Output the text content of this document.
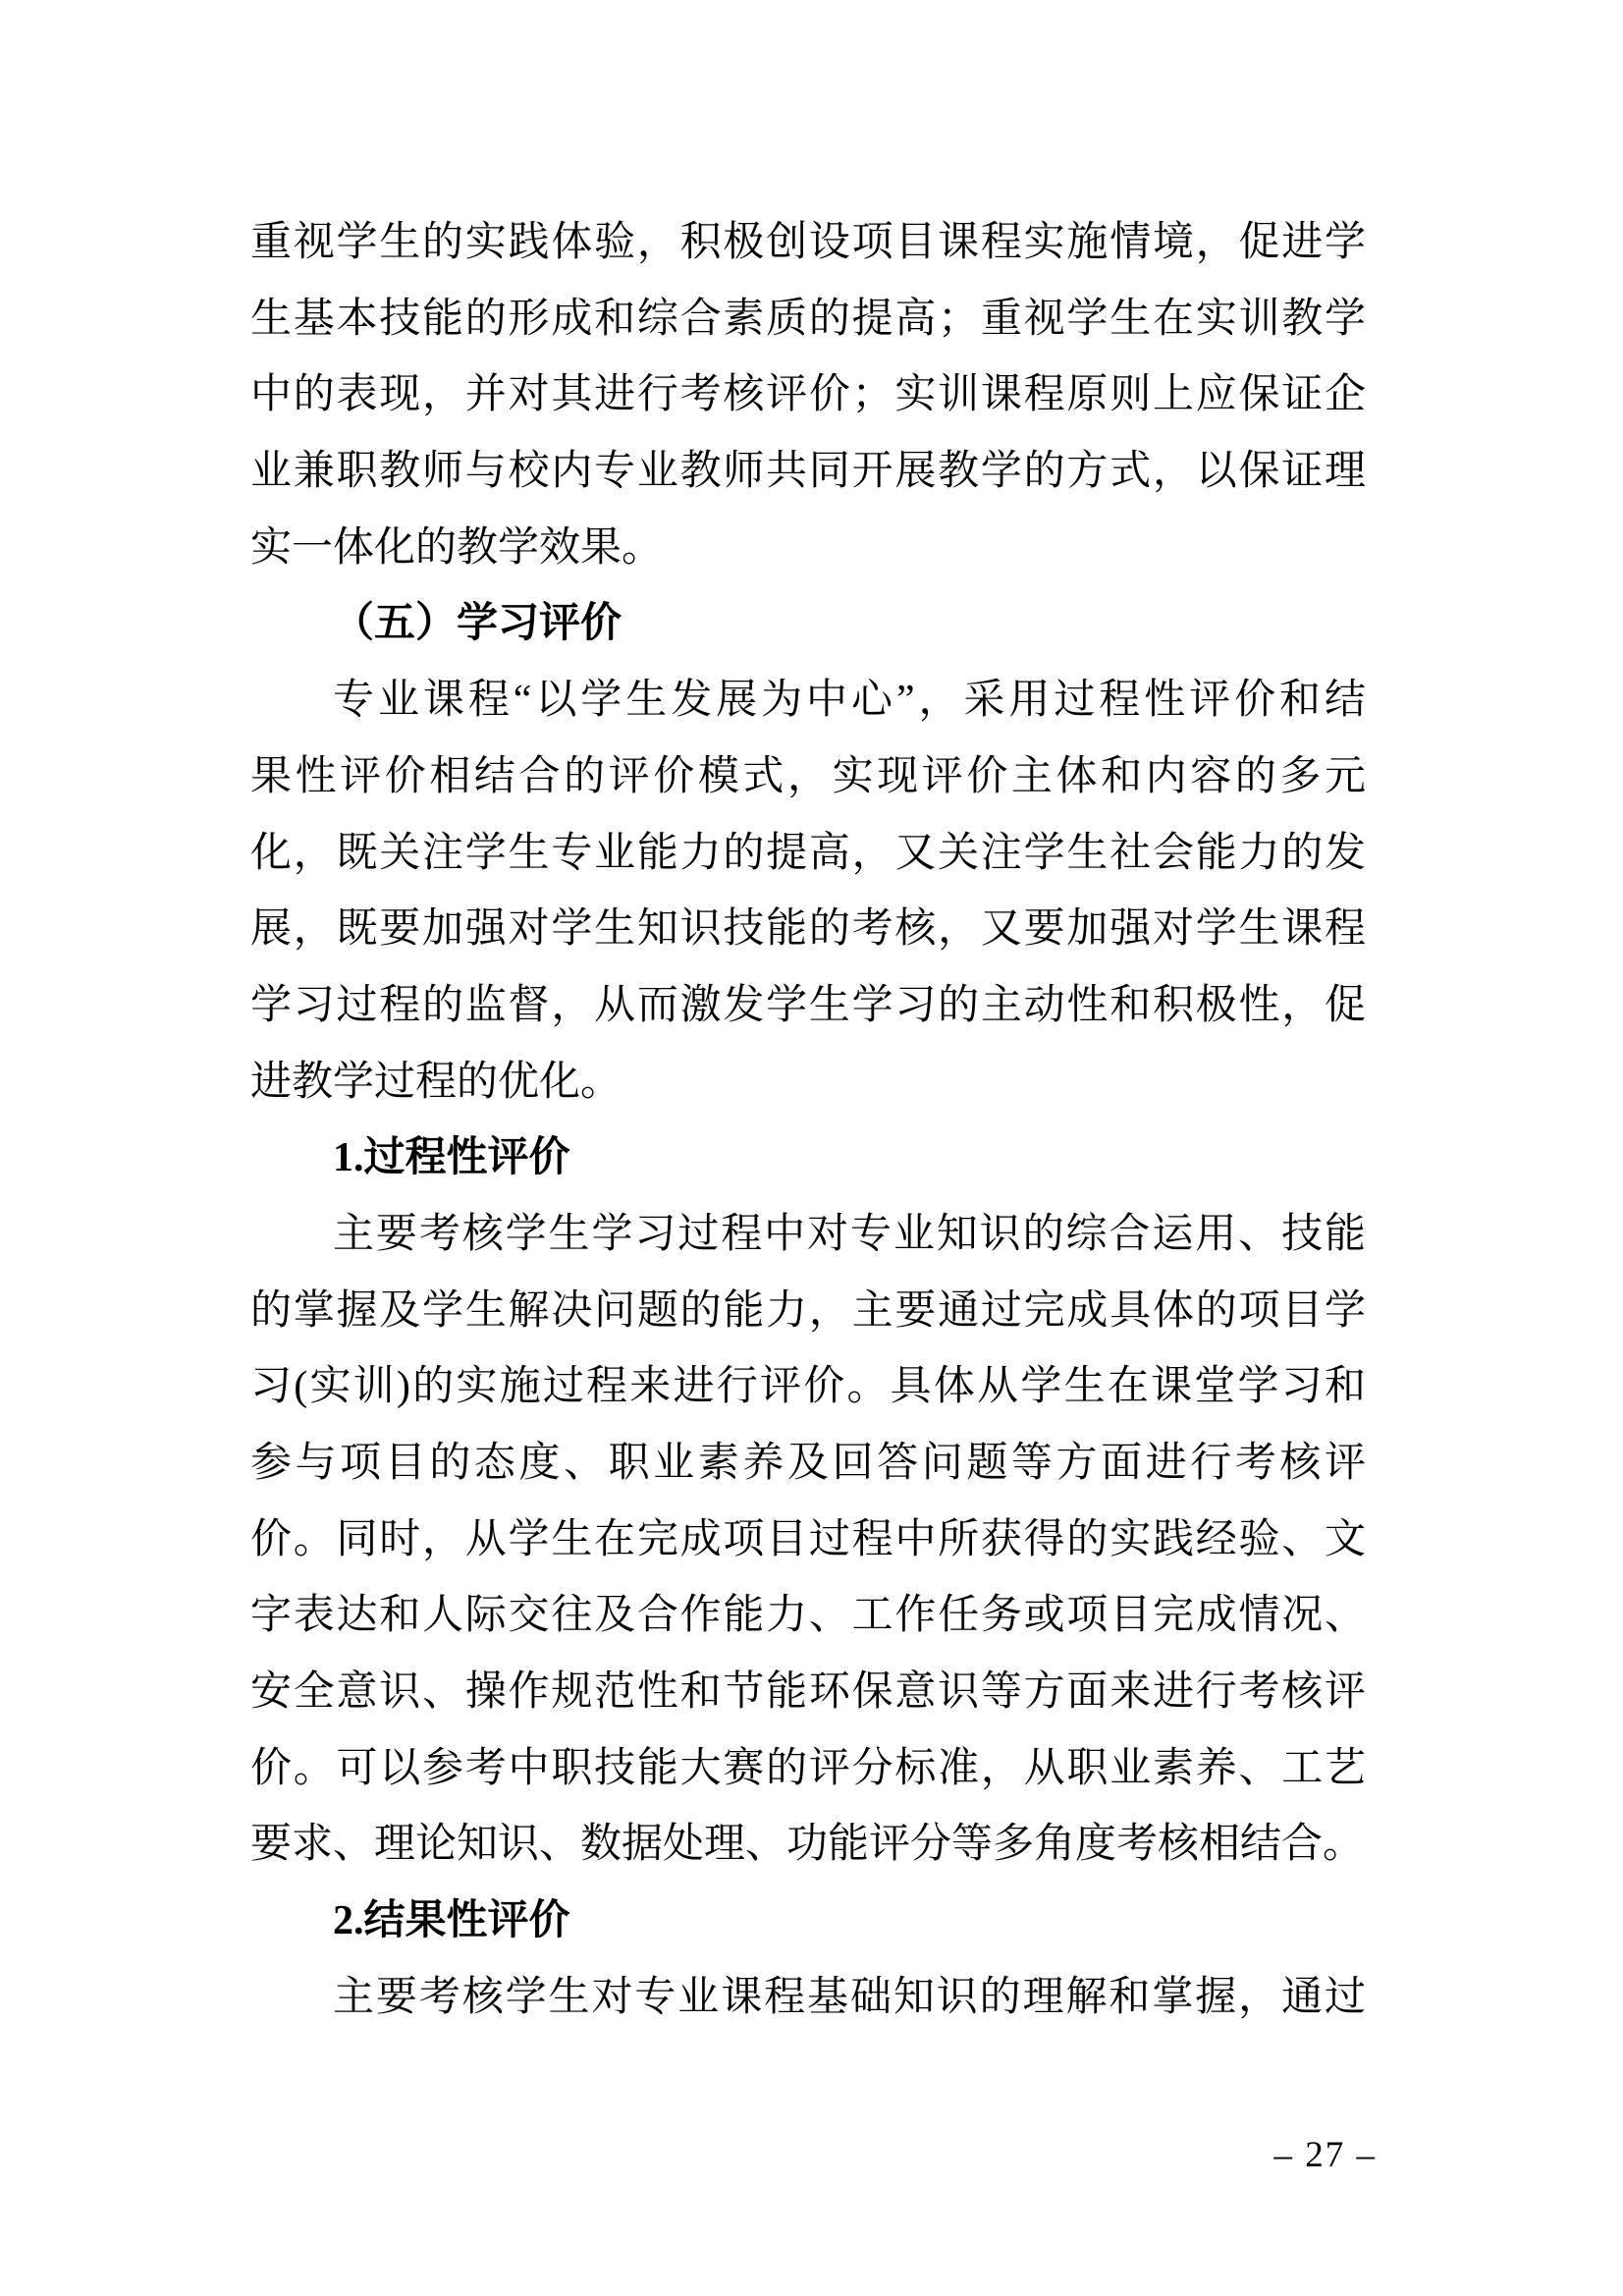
重视学生的实践体验，积极创设项目课程实施情境，促进学
生基本技能的形成和综合素质的提高；重视学生在实训教学
中的表现，并对其进行考核评价；实训课程原则上应保证企
业兼职教师与校内专业教师共同开展教学的方式，以保证理
实一体化的教学效果。
（五）学习评价
专业课程“以学生发展为中心”，采用过程性评价和结
果性评价相结合的评价模式，实现评价主体和内容的多元
化，既关注学生专业能力的提高，又关注学生社会能力的发
展，既要加强对学生知识技能的考核，又要加强对学生课程
学习过程的监督，从而激发学生学习的主动性和积极性，促
进教学过程的优化。
1.过程性评价
主要考核学生学习过程中对专业知识的综合运用、技能
的掌握及学生解决问题的能力，主要通过完成具体的项目学
习(实训)的实施过程来进行评价。具体从学生在课堂学习和
参与项目的态度、职业素养及回答问题等方面进行考核评
价。同时，从学生在完成项目过程中所获得的实践经验、文
字表达和人际交往及合作能力、工作任务或项目完成情况、
安全意识、操作规范性和节能环保意识等方面来进行考核评
价。可以参考中职技能大赛的评分标准，从职业素养、工艺
要求、理论知识、数据处理、功能评分等多角度考核相结合。
2.结果性评价
主要考核学生对专业课程基础知识的理解和掌握，通过
– 27 –
